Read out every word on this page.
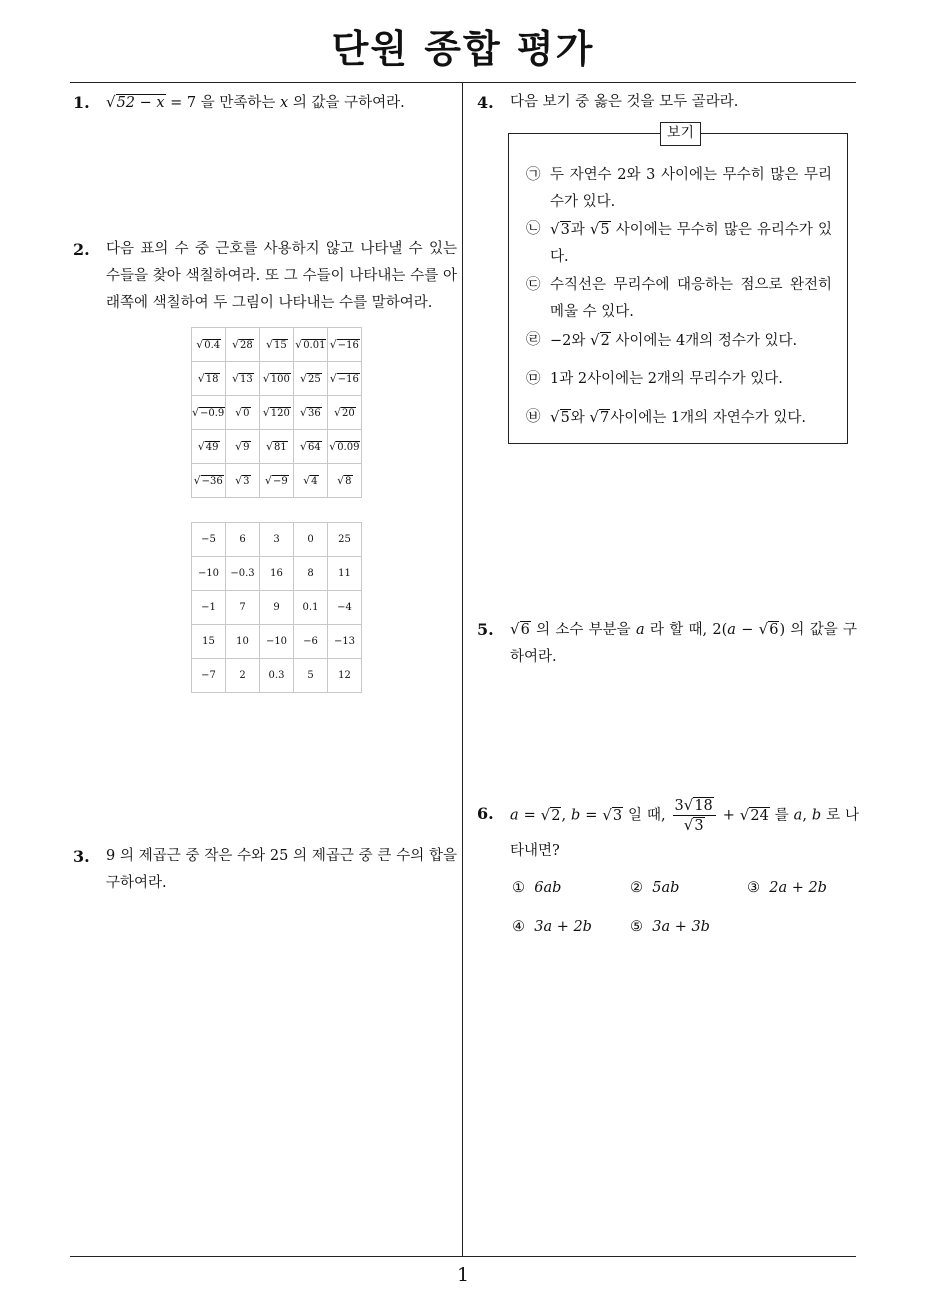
단원 종합 평가
1
1.	√52 − x = 7 을 만족하는 x 의 값을 구하여라.
2.	다음 표의 수 중 근호를 사용하지 않고 나타낼 수 있는 수들을 찾아 색칠하여라. 또 그 수들이 나타내는 수를 아래쪽에 색칠하여 두 그림이 나타내는 수를 말하여라.
√0.4	√28	√15	√0.01	√−16
√18	√13	√100	√25	√−16
√−0.9	√0	√120	√36	√20
√49	√9	√81	√64	√0.09
√−36	√3	√−9	√4	√8
−5	6	3	0	25
−10	−0.3	16	8	11
−1	7	9	0.1	−4
15	10	−10	−6	−13
−7	2	0.3	5	12
3.	9 의 제곱근 중 작은 수와 25 의 제곱근 중 큰 수의 합을 구하여라.
4.	다음 보기 중 옳은 것을 모두 골라라.
보기
㉠ 두 자연수 2와 3 사이에는 무수히 많은 무리수가 있다.
㉡ √3과 √5 사이에는 무수히 많은 유리수가 있다.
㉢ 수직선은 무리수에 대응하는 점으로 완전히 메울 수 있다.
㉣ −2와 √2 사이에는 4개의 정수가 있다.
㉤ 1과 2사이에는 2개의 무리수가 있다.
㉥ √5와 √7사이에는 1개의 자연수가 있다.
5.	√6 의 소수 부분을 a 라 할 때, 2(a − √6) 의 값을 구하여라.
6.	a = √2, b = √3 일 때, $\frac{3√18}{√3} + √24$ 를 a, b 로 나타내면?
① 6ab	② 5ab	③ 2a + 2b
④ 3a + 2b	⑤ 3a + 3b
